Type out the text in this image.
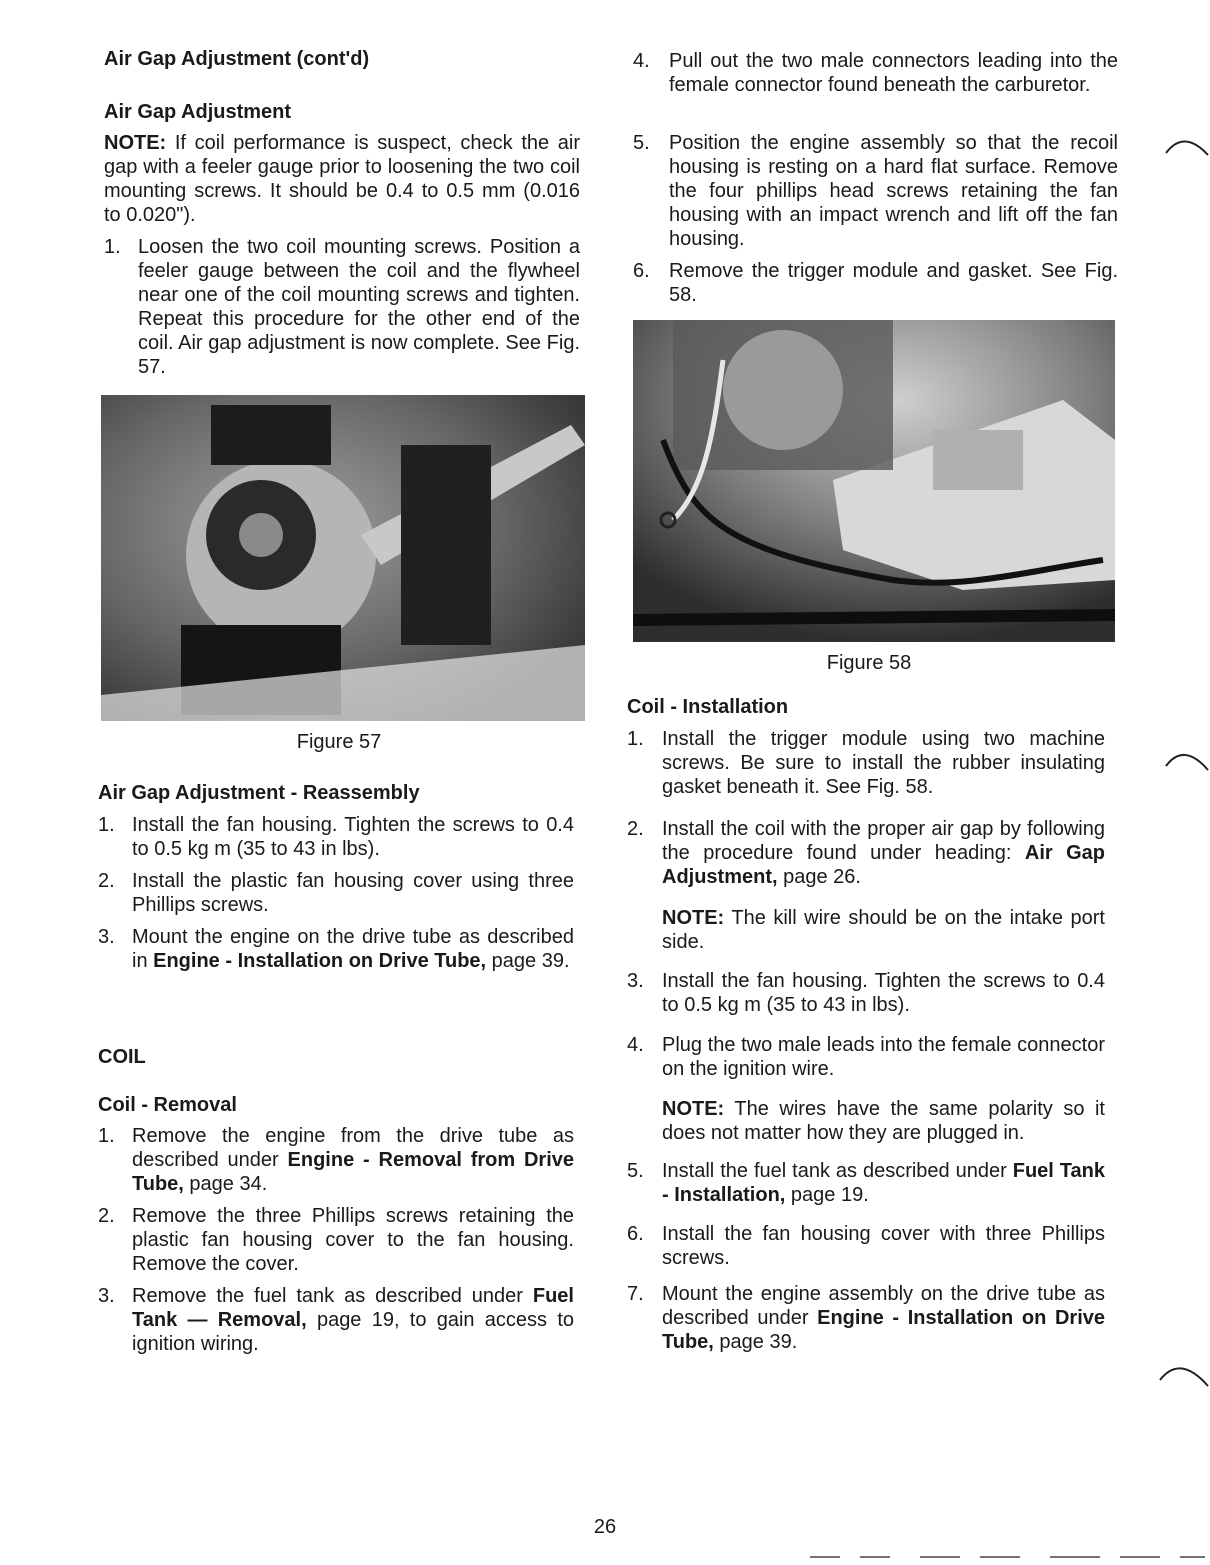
Air Gap Adjustment (cont'd)

Air Gap Adjustment

NOTE: If coil performance is suspect, check the air gap with a feeler gauge prior to loosening the two coil mounting screws. It should be 0.4 to 0.5 mm (0.016 to 0.020").

1. Loosen the two coil mounting screws. Position a feeler gauge between the coil and the flywheel near one of the coil mounting screws and tighten. Repeat this procedure for the other end of the coil. Air gap adjustment is now complete. See Fig. 57.
Figure 57

Air Gap Adjustment - Reassembly

1. Install the fan housing. Tighten the screws to 0.4 to 0.5 kg m (35 to 43 in lbs).
2. Install the plastic fan housing cover using three Phillips screws.
3. Mount the engine on the drive tube as described in Engine - Installation on Drive Tube, page 39.

COIL

Coil - Removal

1. Remove the engine from the drive tube as described under Engine - Removal from Drive Tube, page 34.
2. Remove the three Phillips screws retaining the plastic fan housing cover to the fan housing. Remove the cover.
3. Remove the fuel tank as described under Fuel Tank — Removal, page 19, to gain access to ignition wiring.
4. Pull out the two male connectors leading into the female connector found beneath the carburetor.
5. Position the engine assembly so that the recoil housing is resting on a hard flat surface. Remove the four phillips head screws retaining the fan housing with an impact wrench and lift off the fan housing.
6. Remove the trigger module and gasket. See Fig. 58.
Figure 58

Coil - Installation

1. Install the trigger module using two machine screws. Be sure to install the rubber insulating gasket beneath it. See Fig. 58.
2. Install the coil with the proper air gap by following the procedure found under heading: Air Gap Adjustment, page 26.

NOTE: The kill wire should be on the intake port side.

3. Install the fan housing. Tighten the screws to 0.4 to 0.5 kg m (35 to 43 in lbs).
4. Plug the two male leads into the female connector on the ignition wire.

NOTE: The wires have the same polarity so it does not matter how they are plugged in.

5. Install the fuel tank as described under Fuel Tank - Installation, page 19.
6. Install the fan housing cover with three Phillips screws.
7. Mount the engine assembly on the drive tube as described under Engine - Installation on Drive Tube, page 39.
26
